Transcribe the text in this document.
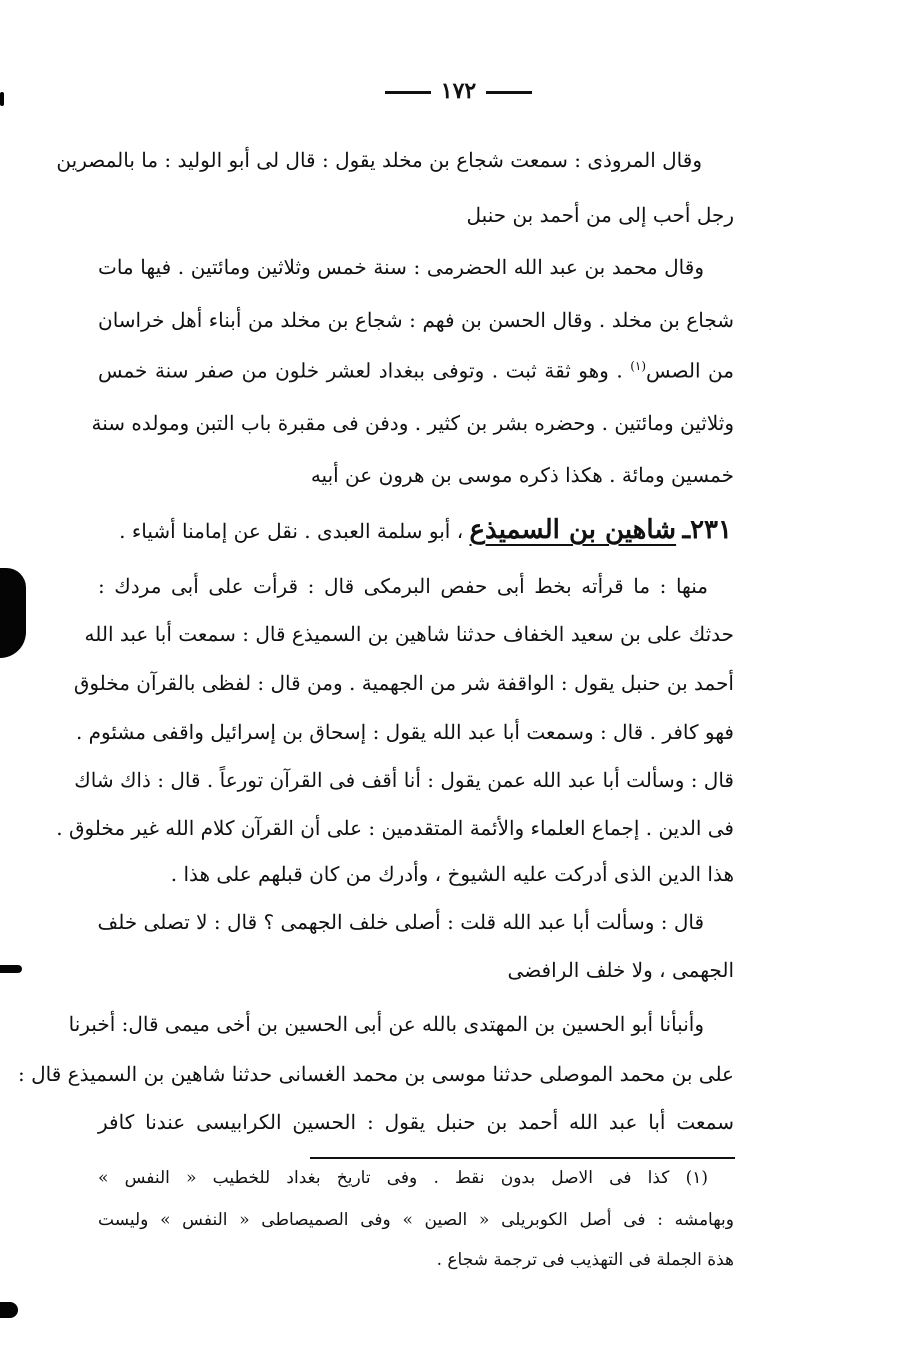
١٧٢
وقال المروذى : سمعت شجاع بن مخلد يقول : قال لى أبو الوليد : ما بالمصرين
رجل أحب إلى من أحمد بن حنبل
وقال محمد بن عبد الله الحضرمى : سنة خمس وثلاثين ومائتين . فيها مات
شجاع بن مخلد . وقال الحسن بن فهم : شجاع بن مخلد من أبناء أهل خراسان
من الصس$^{(١)}$ . وهو ثقة ثبت . وتوفى ببغداد لعشر خلون من صفر سنة خمس
وثلاثين ومائتين . وحضره بشر بن كثير . ودفن فى مقبرة باب التبن ومولده سنة
خمسين ومائة . هكذا ذكره موسى بن هرون عن أبيه
٢٣١ـ شاهين بن السميذع ، أبو سلمة العبدى . نقل عن إمامنا أشياء .
منها : ما قرأته بخط أبى حفص البرمكى قال : قرأت على أبى مردك :
حدثك على بن سعيد الخفاف حدثنا شاهين بن السميذع قال : سمعت أبا عبد الله
أحمد بن حنبل يقول : الواقفة شر من الجهمية . ومن قال : لفظى بالقرآن مخلوق
فهو كافر . قال : وسمعت أبا عبد الله يقول : إسحاق بن إسرائيل واقفى مشئوم .
قال : وسألت أبا عبد الله عمن يقول : أنا أقف فى القرآن تورعاً . قال : ذاك شاك
فى الدين . إجماع العلماء والأئمة المتقدمين : على أن القرآن كلام الله غير مخلوق .
هذا الدين الذى أدركت عليه الشيوخ ، وأدرك من كان قبلهم على هذا .
قال : وسألت أبا عبد الله قلت : أصلى خلف الجهمى ؟ قال : لا تصلى خلف
الجهمى ، ولا خلف الرافضى
وأنبأنا أبو الحسين بن المهتدى بالله عن أبى الحسين بن أخى ميمى قال: أخبرنا
على بن محمد الموصلى حدثنا موسى بن محمد الغسانى حدثنا شاهين بن السميذع قال :
سمعت أبا عبد الله أحمد بن حنبل يقول : الحسين الكرابيسى عندنا كافر
(١) كذا فى الاصل بدون نقط . وفى تاريخ بغداد للخطيب « النفس »
وبهامشه : فى أصل الكوبريلى « الصين » وفى الصميصاطى « النفس » وليست
هذة الجملة فى التهذيب فى ترجمة شجاع .
